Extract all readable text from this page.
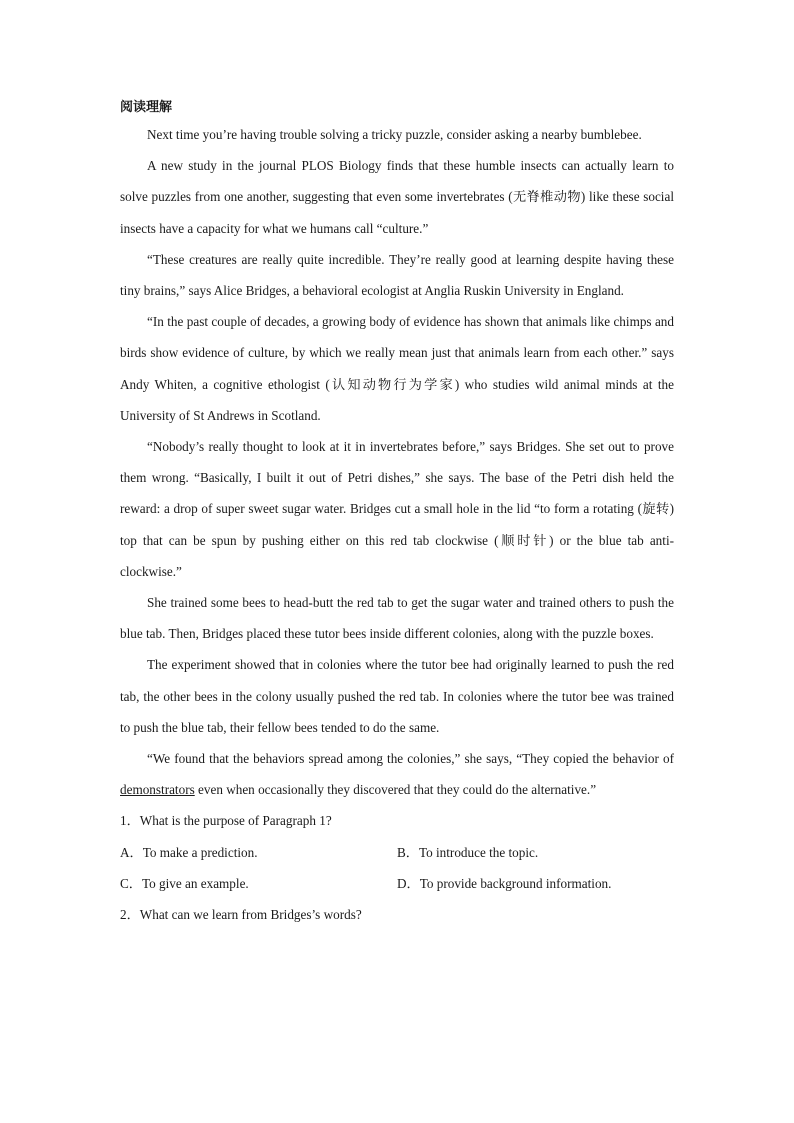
阅读理解

Next time you’re having trouble solving a tricky puzzle, consider asking a nearby bumblebee.

A new study in the journal PLOS Biology finds that these humble insects can actually learn to solve puzzles from one another, suggesting that even some invertebrates (无脊椎动物) like these social insects have a capacity for what we humans call “culture.”

“These creatures are really quite incredible. They’re really good at learning despite having these tiny brains,” says Alice Bridges, a behavioral ecologist at Anglia Ruskin University in England.

“In the past couple of decades, a growing body of evidence has shown that animals like chimps and birds show evidence of culture, by which we really mean just that animals learn from each other.” says Andy Whiten, a cognitive ethologist (认知动物行为学家) who studies wild animal minds at the University of St Andrews in Scotland.

“Nobody’s really thought to look at it in invertebrates before,” says Bridges. She set out to prove them wrong. “Basically, I built it out of Petri dishes,” she says. The base of the Petri dish held the reward: a drop of super sweet sugar water. Bridges cut a small hole in the lid “to form a rotating (旋转) top that can be spun by pushing either on this red tab clockwise (顺时针) or the blue tab anti-clockwise.”

She trained some bees to head-butt the red tab to get the sugar water and trained others to push the blue tab. Then, Bridges placed these tutor bees inside different colonies, along with the puzzle boxes.

The experiment showed that in colonies where the tutor bee had originally learned to push the red tab, the other bees in the colony usually pushed the red tab. In colonies where the tutor bee was trained to push the blue tab, their fellow bees tended to do the same.

“We found that the behaviors spread among the colonies,” she says, “They copied the behavior of demonstrators even when occasionally they discovered that they could do the alternative.”

1．What is the purpose of Paragraph 1?

A．To make a prediction.	B．To introduce the topic.
C．To give an example.	D．To provide background information.

2．What can we learn from Bridges’s words?
